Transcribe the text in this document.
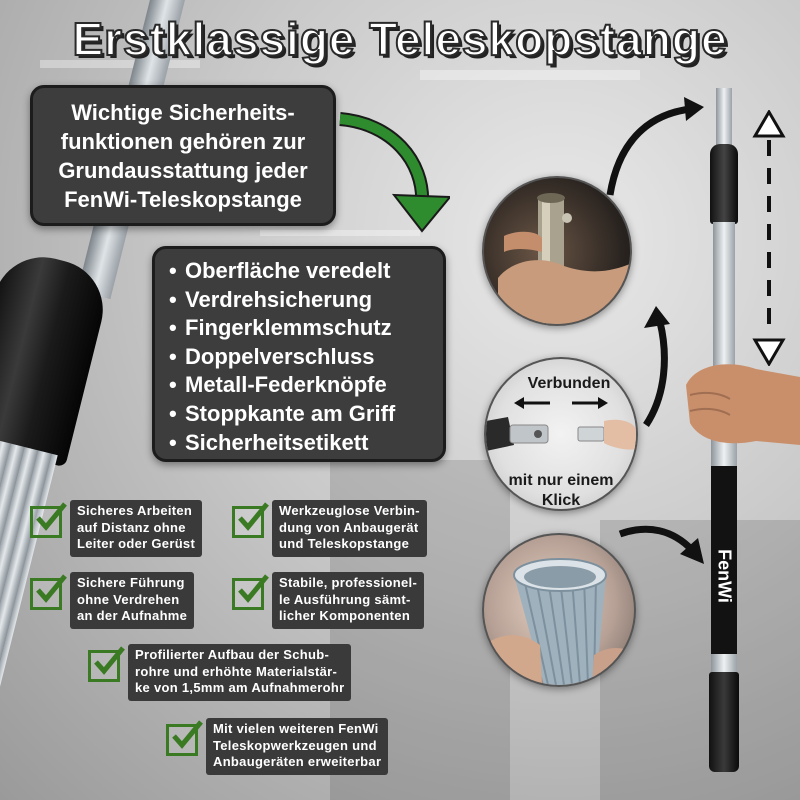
Erstklassige Teleskopstange
Wichtige Sicherheits-
funktionen gehören zur
Grundausstattung jeder
FenWi-Teleskopstange
• Oberfläche veredelt
• Verdrehsicherung
• Fingerklemmschutz
• Doppelverschluss
• Metall-Federknöpfe
• Stoppkante am Griff
• Sicherheitsetikett
Sicheres Arbeiten
auf Distanz ohne
Leiter oder Gerüst
Werkzeuglose Verbin-
dung von Anbaugerät
und Teleskopstange
Sichere Führung
ohne Verdrehen
an der Aufnahme
Stabile, professionel-
le Ausführung sämt-
licher Komponenten
Profilierter Aufbau der Schub-
rohre und erhöhte Materialstär-
ke von 1,5mm am Aufnahmerohr
Mit vielen weiteren FenWi
Teleskopwerkzeugen und
Anbaugeräten erweiterbar
Verbunden
mit nur einem
Klick
FenWi
